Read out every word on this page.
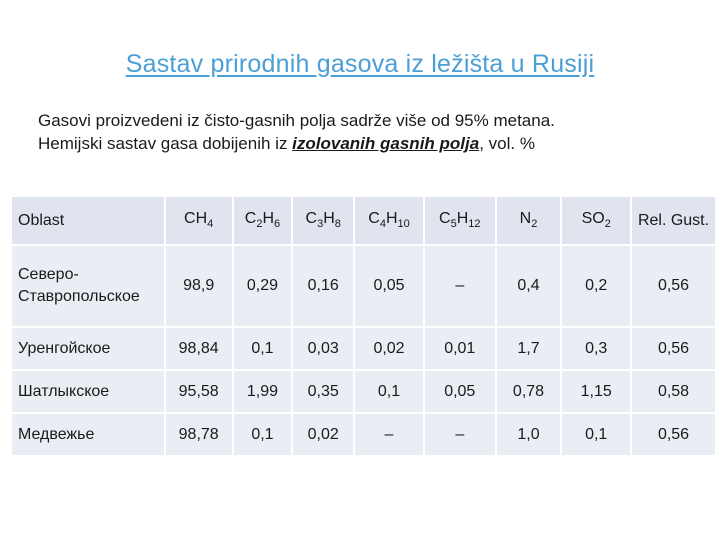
Sastav prirodnih gasova iz ležišta u Rusiji

Gasovi proizvedeni iz čisto-gasnih polja sadrže više od 95% metana.

Hemijski sastav gasa dobijenih iz izolovanih gasnih polja, vol. %

Oblast	$CH_4$	$C_2H_6$	$C_3H_8$	$C_4H_{10}$	$C_5H_{12}$	$N_2$	$SO_2$	Rel. Gust.
Северо-
Ставропольское	98,9	0,29	0,16	0,05	–	0,4	0,2	0,56
Уренгойское	98,84	0,1	0,03	0,02	0,01	1,7	0,3	0,56
Шатлыкское	95,58	1,99	0,35	0,1	0,05	0,78	1,15	0,58
Медвежье	98,78	0,1	0,02	–	–	1,0	0,1	0,56
